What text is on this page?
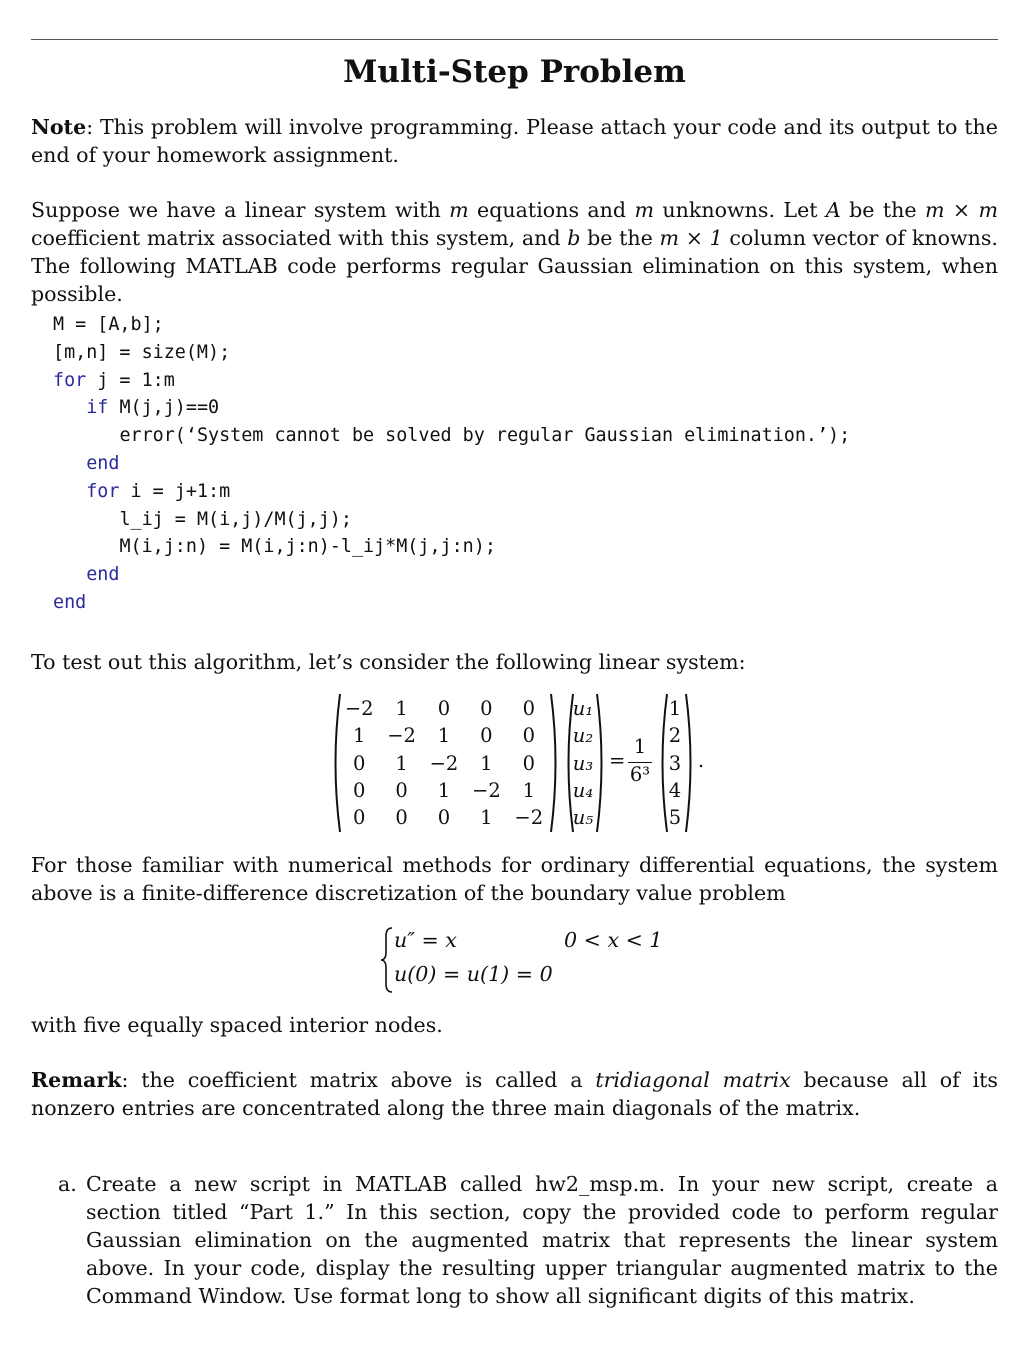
Multi-Step Problem
Note: This problem will involve programming. Please attach your code and its output to the end of your homework assignment.
Suppose we have a linear system with m equations and m unknowns. Let A be the m × m coefficient matrix associated with this system, and b be the m × 1 column vector of knowns. The following MATLAB code performs regular Gaussian elimination on this system, when possible.
M = [A,b];
[m,n] = size(M);
for j = 1:m
if M(j,j)==0
error(‘System cannot be solved by regular Gaussian elimination.’);
end
for i = j+1:m
l_ij = M(i,j)/M(j,j);
M(i,j:n) = M(i,j:n)-l_ij*M(j,j:n);
end
end
To test out this algorithm, let’s consider the following linear system:
−2	1	0	0	0
1	−2	1	0	0
0	1	−2	1	0
0	0	1	−2	1
0	0	0	1	−2
u₁
u₂
u₃
u₄
u₅
=
1
6³
1
2
3
4
5
.
For those familiar with numerical methods for ordinary differential equations, the system above is a finite-difference discretization of the boundary value problem
u″ = x	0 < x < 1
u(0) = u(1) = 0
with five equally spaced interior nodes.
Remark: the coefficient matrix above is called a tridiagonal matrix because all of its nonzero entries are concentrated along the three main diagonals of the matrix.
a. Create a new script in MATLAB called hw2_msp.m. In your new script, create a section titled “Part 1.” In this section, copy the provided code to perform regular Gaussian elimination on the augmented matrix that represents the linear system above. In your code, display the resulting upper triangular augmented matrix to the Command Window. Use format long to show all significant digits of this matrix.
